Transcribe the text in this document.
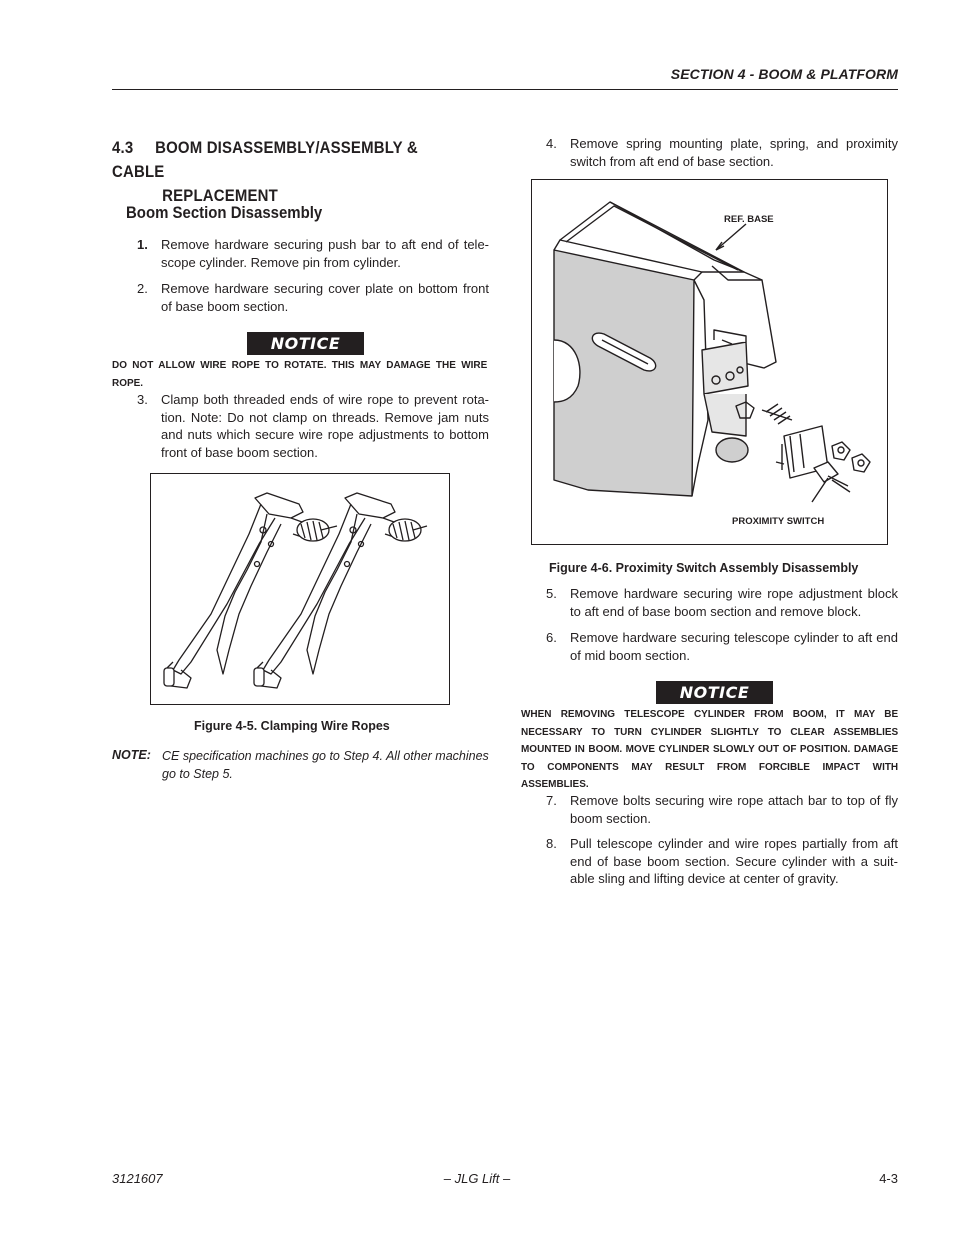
SECTION 4 - BOOM & PLATFORM
4.3 BOOM DISASSEMBLY/ASSEMBLY & CABLE
REPLACEMENT
Boom Section Disassembly
1. Remove hardware securing push bar to aft end of tele-scope cylinder. Remove pin from cylinder.
2. Remove hardware securing cover plate on bottom front of base boom section.
NOTICE
DO NOT ALLOW WIRE ROPE TO ROTATE. THIS MAY DAMAGE THE WIRE ROPE.
3. Clamp both threaded ends of wire rope to prevent rota-tion. Note: Do not clamp on threads. Remove jam nuts and nuts which secure wire rope adjustments to bottom front of base boom section.
Figure 4-5. Clamping Wire Ropes
NOTE: CE specification machines go to Step 4. All other machines go to Step 5.
4. Remove spring mounting plate, spring, and proximity switch from aft end of base section.
REF. BASE
PROXIMITY SWITCH
Figure 4-6. Proximity Switch Assembly Disassembly
5. Remove hardware securing wire rope adjustment block to aft end of base boom section and remove block.
6. Remove hardware securing telescope cylinder to aft end of mid boom section.
NOTICE
WHEN REMOVING TELESCOPE CYLINDER FROM BOOM, IT MAY BE NECESSARY TO TURN CYLINDER SLIGHTLY TO CLEAR ASSEMBLIES MOUNTED IN BOOM. MOVE CYLINDER SLOWLY OUT OF POSITION. DAMAGE TO COMPONENTS MAY RESULT FROM FORCIBLE IMPACT WITH ASSEMBLIES.
7. Remove bolts securing wire rope attach bar to top of fly boom section.
8. Pull telescope cylinder and wire ropes partially from aft end of base boom section. Secure cylinder with a suit-able sling and lifting device at center of gravity.
3121607	– JLG Lift –	4-3
